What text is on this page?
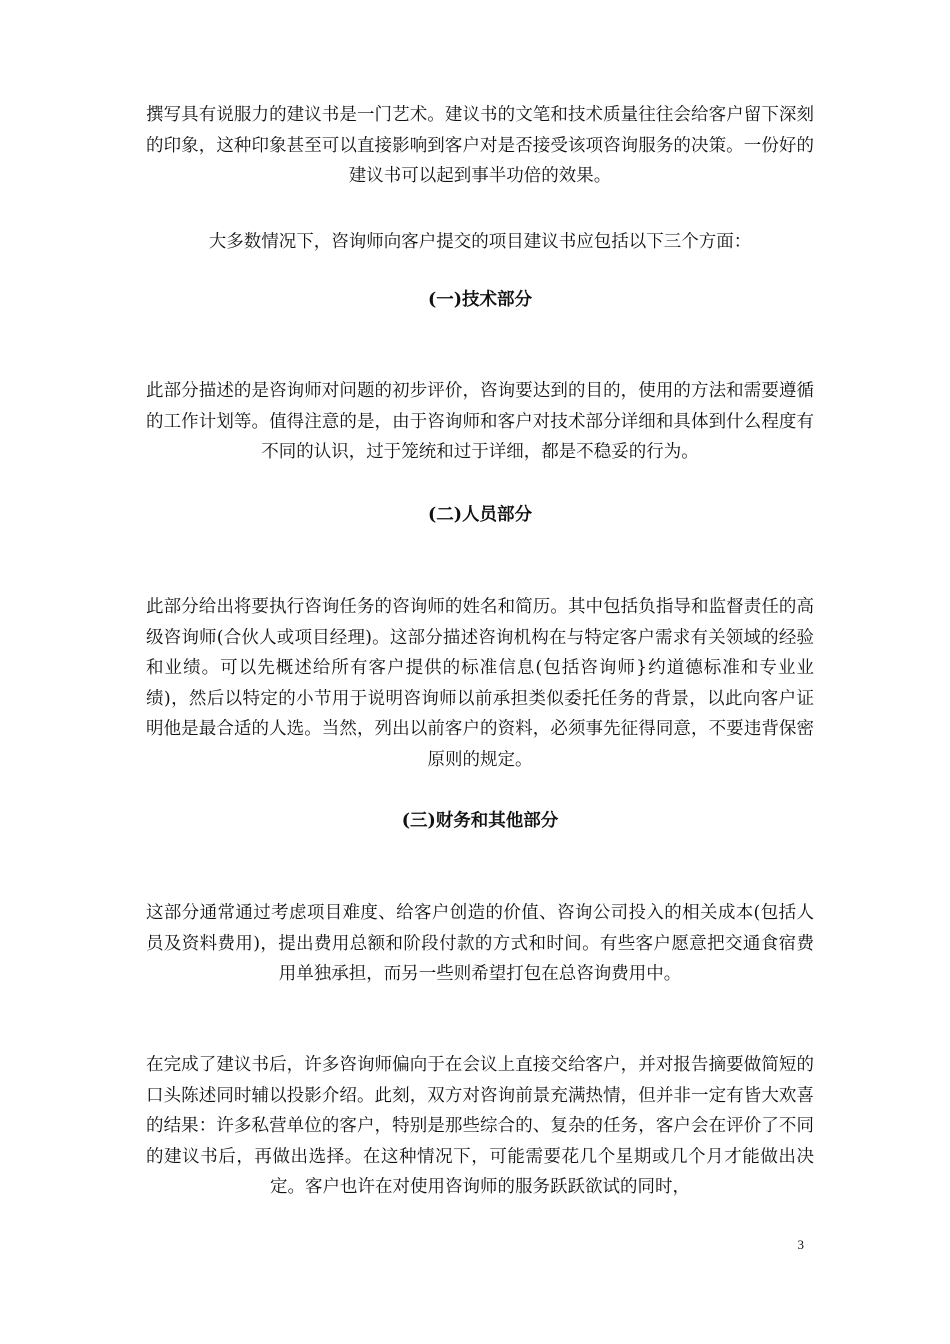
撰写具有说服力的建议书是一门艺术。建议书的文笔和技术质量往往会给客户留下深刻的印象，这种印象甚至可以直接影响到客户对是否接受该项咨询服务的决策。一份好的建议书可以起到事半功倍的效果。

大多数情况下，咨询师向客户提交的项目建议书应包括以下三个方面：

(一)技术部分

此部分描述的是咨询师对问题的初步评价，咨询要达到的目的，使用的方法和需要遵循的工作计划等。值得注意的是，由于咨询师和客户对技术部分详细和具体到什么程度有不同的认识，过于笼统和过于详细，都是不稳妥的行为。

(二)人员部分

此部分给出将要执行咨询任务的咨询师的姓名和简历。其中包括负指导和监督责任的高级咨询师(合伙人或项目经理)。这部分描述咨询机构在与特定客户需求有关领域的经验和业绩。可以先概述给所有客户提供的标准信息(包括咨询师}约道德标准和专业业绩)，然后以特定的小节用于说明咨询师以前承担类似委托任务的背景，以此向客户证明他是最合适的人选。当然，列出以前客户的资料，必须事先征得同意，不要违背保密原则的规定。

(三)财务和其他部分

这部分通常通过考虑项目难度、给客户创造的价值、咨询公司投入的相关成本(包括人员及资料费用)，提出费用总额和阶段付款的方式和时间。有些客户愿意把交通食宿费用单独承担，而另一些则希望打包在总咨询费用中。

在完成了建议书后，许多咨询师偏向于在会议上直接交给客户，并对报告摘要做简短的口头陈述同时辅以投影介绍。此刻，双方对咨询前景充满热情，但并非一定有皆大欢喜的结果：许多私营单位的客户，特别是那些综合的、复杂的任务，客户会在评价了不同的建议书后，再做出选择。在这种情况下，可能需要花几个星期或几个月才能做出决定。客户也许在对使用咨询师的服务跃跃欲试的同时，

3
